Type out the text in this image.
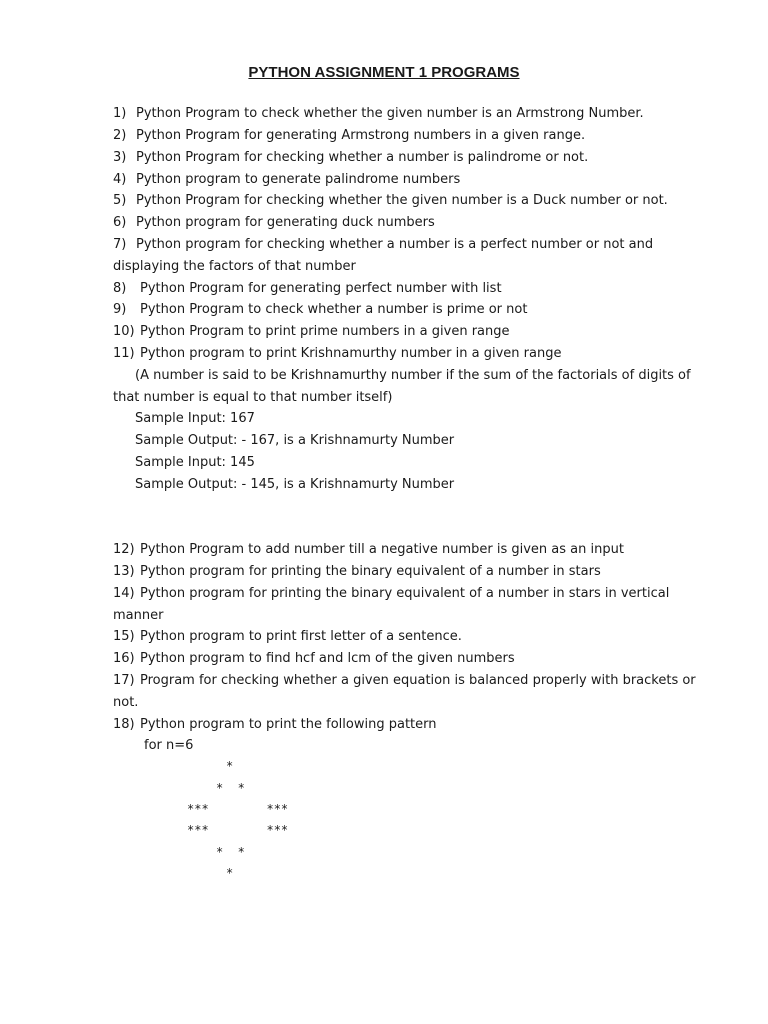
PYTHON ASSIGNMENT 1 PROGRAMS
1) Python Program to check whether the given number is an Armstrong Number.
2) Python Program for generating Armstrong numbers in a given range.
3) Python Program for checking whether a number is palindrome or not.
4) Python program to generate palindrome numbers
5) Python Program for checking whether the given number is a Duck number or not.
6) Python program for generating duck numbers
7) Python program for checking whether a number is a perfect number or not and
displaying the factors of that number
8) Python Program for generating perfect number with list
9) Python Program to check whether a number is prime or not
10) Python Program to print prime numbers in a given range
11) Python program to print Krishnamurthy number in a given range
(A number is said to be Krishnamurthy number if the sum of the factorials of digits of
that number is equal to that number itself)
Sample Input: 167
Sample Output: - 167, is a Krishnamurty Number
Sample Input: 145
Sample Output: - 145, is a Krishnamurty Number
12) Python Program to add number till a negative number is given as an input
13) Python program for printing the binary equivalent of a number in stars
14) Python program for printing the binary equivalent of a number in stars in vertical
manner
15) Python program to print first letter of a sentence.
16) Python program to find hcf and lcm of the given numbers
17) Program for checking whether a given equation is balanced properly with brackets or
not.
18) Python program to print the following pattern
for n=6
*
*  *
***        ***
***        ***
*  *
*
